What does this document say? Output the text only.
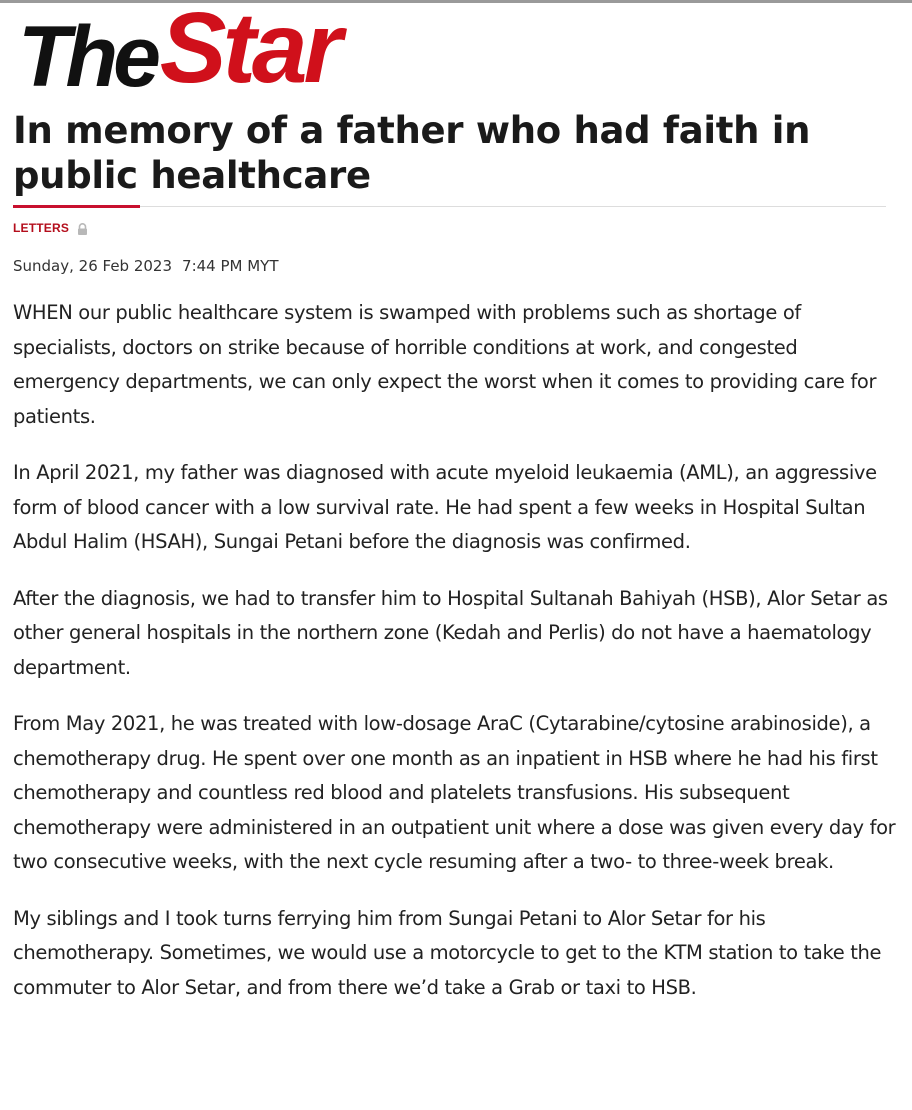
The Star
In memory of a father who had faith in public healthcare
LETTERS
Sunday, 26 Feb 2023 7:44 PM MYT

WHEN our public healthcare system is swamped with problems such as shortage of specialists, doctors on strike because of horrible conditions at work, and congested emergency departments, we can only expect the worst when it comes to providing care for patients.

In April 2021, my father was diagnosed with acute myeloid leukaemia (AML), an aggressive form of blood cancer with a low survival rate. He had spent a few weeks in Hospital Sultan Abdul Halim (HSAH), Sungai Petani before the diagnosis was confirmed.

After the diagnosis, we had to transfer him to Hospital Sultanah Bahiyah (HSB), Alor Setar as other general hospitals in the northern zone (Kedah and Perlis) do not have a haematology department.

From May 2021, he was treated with low-dosage AraC (Cytarabine/cytosine arabinoside), a chemotherapy drug. He spent over one month as an inpatient in HSB where he had his first chemotherapy and countless red blood and platelets transfusions. His subsequent chemotherapy were administered in an outpatient unit where a dose was given every day for two consecutive weeks, with the next cycle resuming after a two- to three-week break.

My siblings and I took turns ferrying him from Sungai Petani to Alor Setar for his chemotherapy. Sometimes, we would use a motorcycle to get to the KTM station to take the commuter to Alor Setar, and from there we’d take a Grab or taxi to HSB.
